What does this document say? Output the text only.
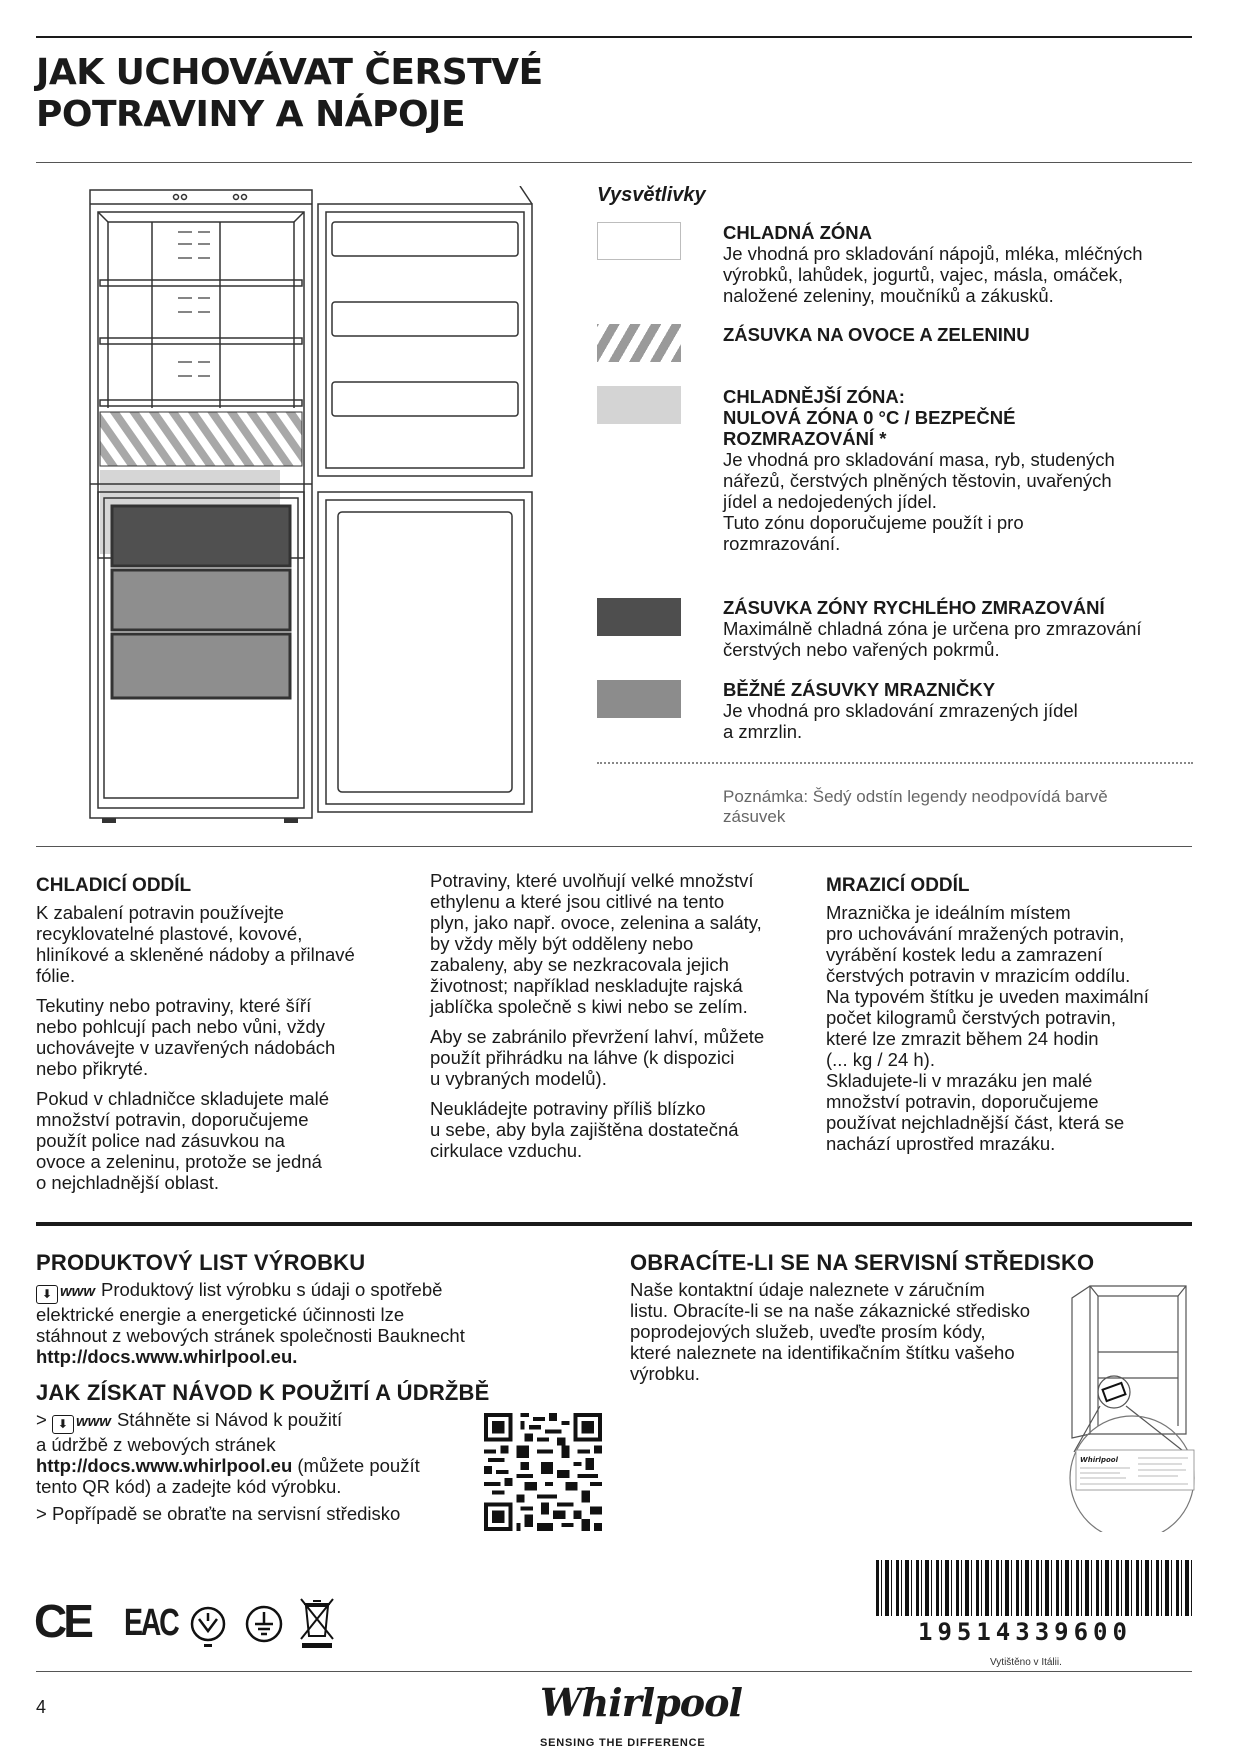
JAK UCHOVÁVAT ČERSTVÉ
POTRAVINY A NÁPOJE
Vysvětlivky
CHLADNÁ ZÓNA
Je vhodná pro skladování nápojů, mléka, mléčných
výrobků, lahůdek, jogurtů, vajec, másla, omáček,
naložené zeleniny, moučníků a zákusků.
ZÁSUVKA NA OVOCE A ZELENINU
CHLADNĚJŠÍ ZÓNA:
NULOVÁ ZÓNA 0 °C / BEZPEČNÉ
ROZMRAZOVÁNÍ *
Je vhodná pro skladování masa, ryb, studených
nářezů, čerstvých plněných těstovin, uvařených
jídel a nedojedených jídel.
Tuto zónu doporučujeme použít i pro
rozmrazování.
ZÁSUVKA ZÓNY RYCHLÉHO ZMRAZOVÁNÍ
Maximálně chladná zóna je určena pro zmrazování
čerstvých nebo vařených pokrmů.
BĚŽNÉ ZÁSUVKY MRAZNIČKY
Je vhodná pro skladování zmrazených jídel
a zmrzlin.
Poznámka: Šedý odstín legendy neodpovídá barvě
zásuvek
CHLADICÍ ODDÍL

K zabalení potravin používejte
recyklovatelné plastové, kovové,
hliníkové a skleněné nádoby a přilnavé
fólie.

Tekutiny nebo potraviny, které šíří
nebo pohlcují pach nebo vůni, vždy
uchovávejte v uzavřených nádobách
nebo přikryté.

Pokud v chladničce skladujete malé
množství potravin, doporučujeme
použít police nad zásuvkou na
ovoce a zeleninu, protože se jedná
o nejchladnější oblast.

Potraviny, které uvolňují velké množství
ethylenu a které jsou citlivé na tento
plyn, jako např. ovoce, zelenina a saláty,
by vždy měly být odděleny nebo
zabaleny, aby se nezkracovala jejich
životnost; například neskladujte rajská
jablíčka společně s kiwi nebo se zelím.

Aby se zabránilo převržení lahví, můžete
použít přihrádku na láhve (k dispozici
u vybraných modelů).

Neukládejte potraviny příliš blízko
u sebe, aby byla zajištěna dostatečná
cirkulace vzduchu.

MRAZICÍ ODDÍL
Mraznička je ideálním místem
pro uchovávání mražených potravin,
vyrábění kostek ledu a zamrazení
čerstvých potravin v mrazicím oddílu.
Na typovém štítku je uveden maximální
počet kilogramů čerstvých potravin,
které lze zmrazit během 24 hodin
(... kg / 24 h).
Skladujete-li v mrazáku jen malé
množství potravin, doporučujeme
používat nejchladnější část, která se
nachází uprostřed mrazáku.
PRODUKTOVÝ LIST VÝROBKU
⬇ www Produktový list výrobku s údaji o spotřebě
elektrické energie a energetické účinnosti lze
stáhnout z webových stránek společnosti Bauknecht
http://docs.www.whirlpool.eu.
JAK ZÍSKAT NÁVOD K POUŽITÍ A ÚDRŽBĚ
> ⬇ www Stáhněte si Návod k použití
a údržbě z webových stránek
http://docs.www.whirlpool.eu (můžete použít
tento QR kód) a zadejte kód výrobku.
> Popřípadě se obraťte na servisní středisko
OBRACÍTE-LI SE NA SERVISNÍ STŘEDISKO
Naše kontaktní údaje naleznete v záručním
listu. Obracíte-li se na naše zákaznické středisko
poprodejových služeb, uveďte prosím kódy,
které naleznete na identifikačním štítku vašeho
výrobku.
Whirlpool
CE EAC	19514339600
Vytištěno v Itálii.
4	Whirlpool
SENSING THE DIFFERENCE
